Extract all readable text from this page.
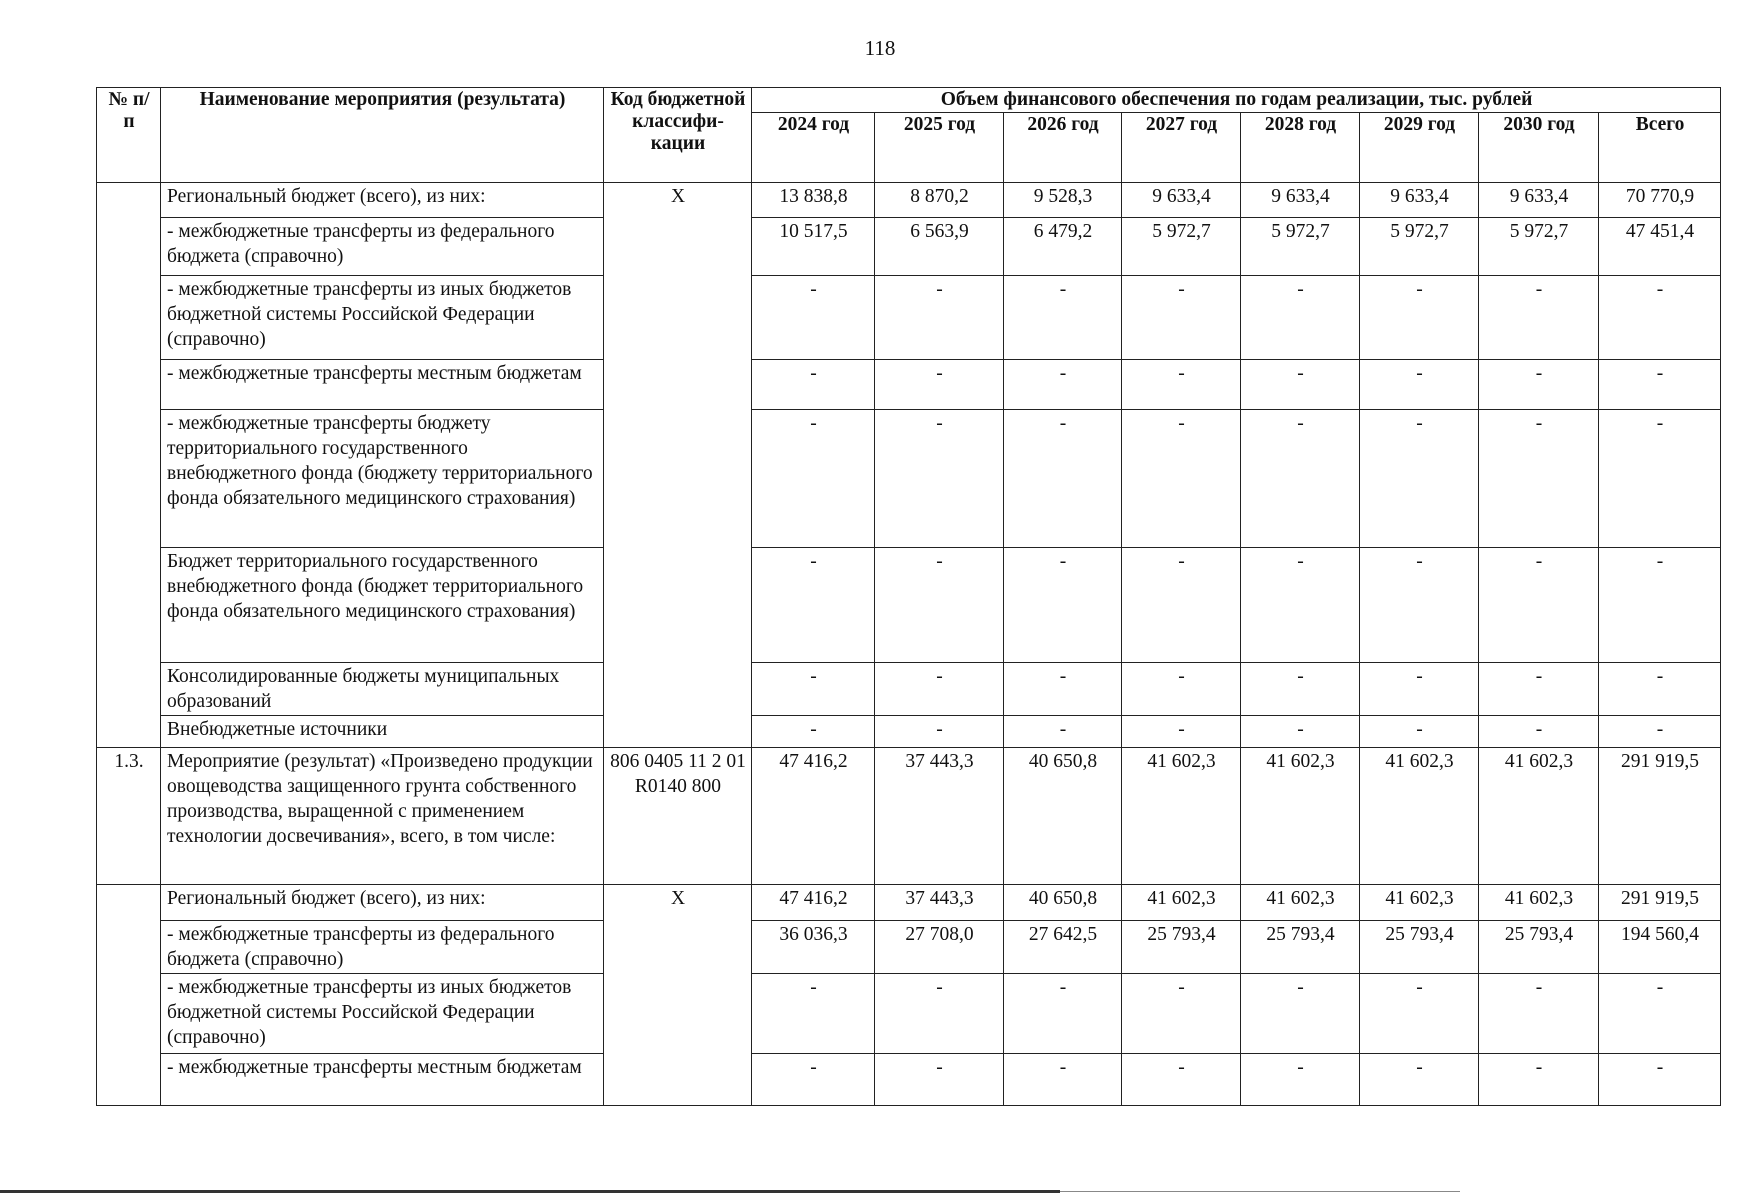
118
№ п/п	Наименование мероприятия (результата)	Код бюджетной классифи-кации	Объем финансового обеспечения по годам реализации, тыс. рублей							
			2024 год	2025 год	2026 год	2027 год	2028 год	2029 год	2030 год	Всего
	Региональный бюджет (всего), из них:	X	13 838,8	8 870,2	9 528,3	9 633,4	9 633,4	9 633,4	9 633,4	70 770,9
	- межбюджетные трансферты из федерального бюджета (справочно)		10 517,5	6 563,9	6 479,2	5 972,7	5 972,7	5 972,7	5 972,7	47 451,4
	- межбюджетные трансферты из иных бюджетов бюджетной системы Российской Федерации (справочно)		-	-	-	-	-	-	-	-
	- межбюджетные трансферты местным бюджетам		-	-	-	-	-	-	-	-
	- межбюджетные трансферты бюджету территориального государственного внебюджетного фонда (бюджету территориального фонда обязательного медицинского страхования)		-	-	-	-	-	-	-	-
	Бюджет территориального государственного внебюджетного фонда (бюджет территориального фонда обязательного медицинского страхования)		-	-	-	-	-	-	-	-
	Консолидированные бюджеты муниципальных образований		-	-	-	-	-	-	-	-
	Внебюджетные источники		-	-	-	-	-	-	-	-
1.3.	Мероприятие (результат) «Произведено продукции овощеводства защищенного грунта собственного производства, выращенной с применением технологии досвечивания», всего, в том числе:	806 0405 11 2 01 R0140 800	47 416,2	37 443,3	40 650,8	41 602,3	41 602,3	41 602,3	41 602,3	291 919,5
	Региональный бюджет (всего), из них:	X	47 416,2	37 443,3	40 650,8	41 602,3	41 602,3	41 602,3	41 602,3	291 919,5
	- межбюджетные трансферты из федерального бюджета (справочно)		36 036,3	27 708,0	27 642,5	25 793,4	25 793,4	25 793,4	25 793,4	194 560,4
	- межбюджетные трансферты из иных бюджетов бюджетной системы Российской Федерации (справочно)		-	-	-	-	-	-	-	-
	- межбюджетные трансферты местным бюджетам		-	-	-	-	-	-	-	-
